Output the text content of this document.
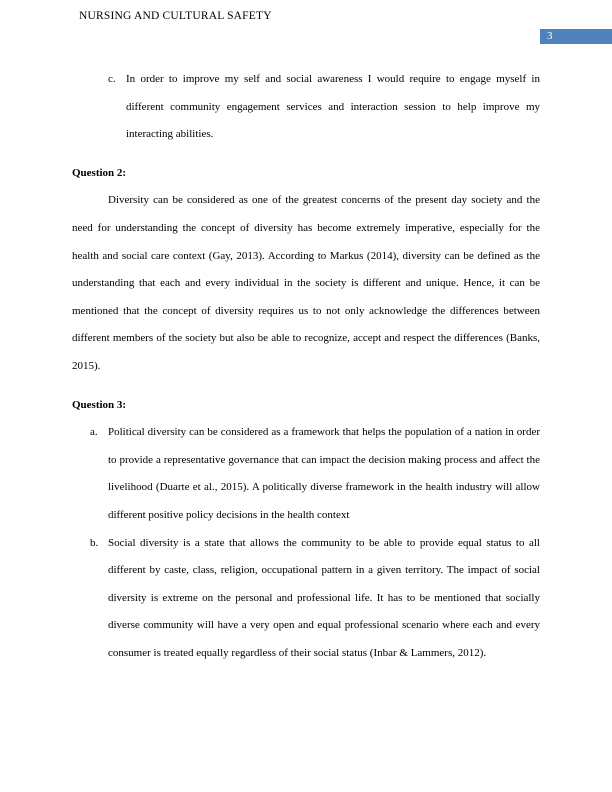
NURSING AND CULTURAL SAFETY
3
c. In order to improve my self and social awareness I would require to engage myself in different community engagement services and interaction session to help improve my interacting abilities.
Question 2:

Diversity can be considered as one of the greatest concerns of the present day society and the need for understanding the concept of diversity has become extremely imperative, especially for the health and social care context (Gay, 2013). According to Markus (2014), diversity can be defined as the understanding that each and every individual in the society is different and unique. Hence, it can be mentioned that the concept of diversity requires us to not only acknowledge the differences between different members of the society but also be able to recognize, accept and respect the differences (Banks, 2015).

Question 3:
a. Political diversity can be considered as a framework that helps the population of a nation in order to provide a representative governance that can impact the decision making process and affect the livelihood (Duarte et al., 2015). A politically diverse framework in the health industry will allow different positive policy decisions in the health context
b. Social diversity is a state that allows the community to be able to provide equal status to all different by caste, class, religion, occupational pattern in a given territory. The impact of social diversity is extreme on the personal and professional life. It has to be mentioned that socially diverse community will have a very open and equal professional scenario where each and every consumer is treated equally regardless of their social status (Inbar & Lammers, 2012).
